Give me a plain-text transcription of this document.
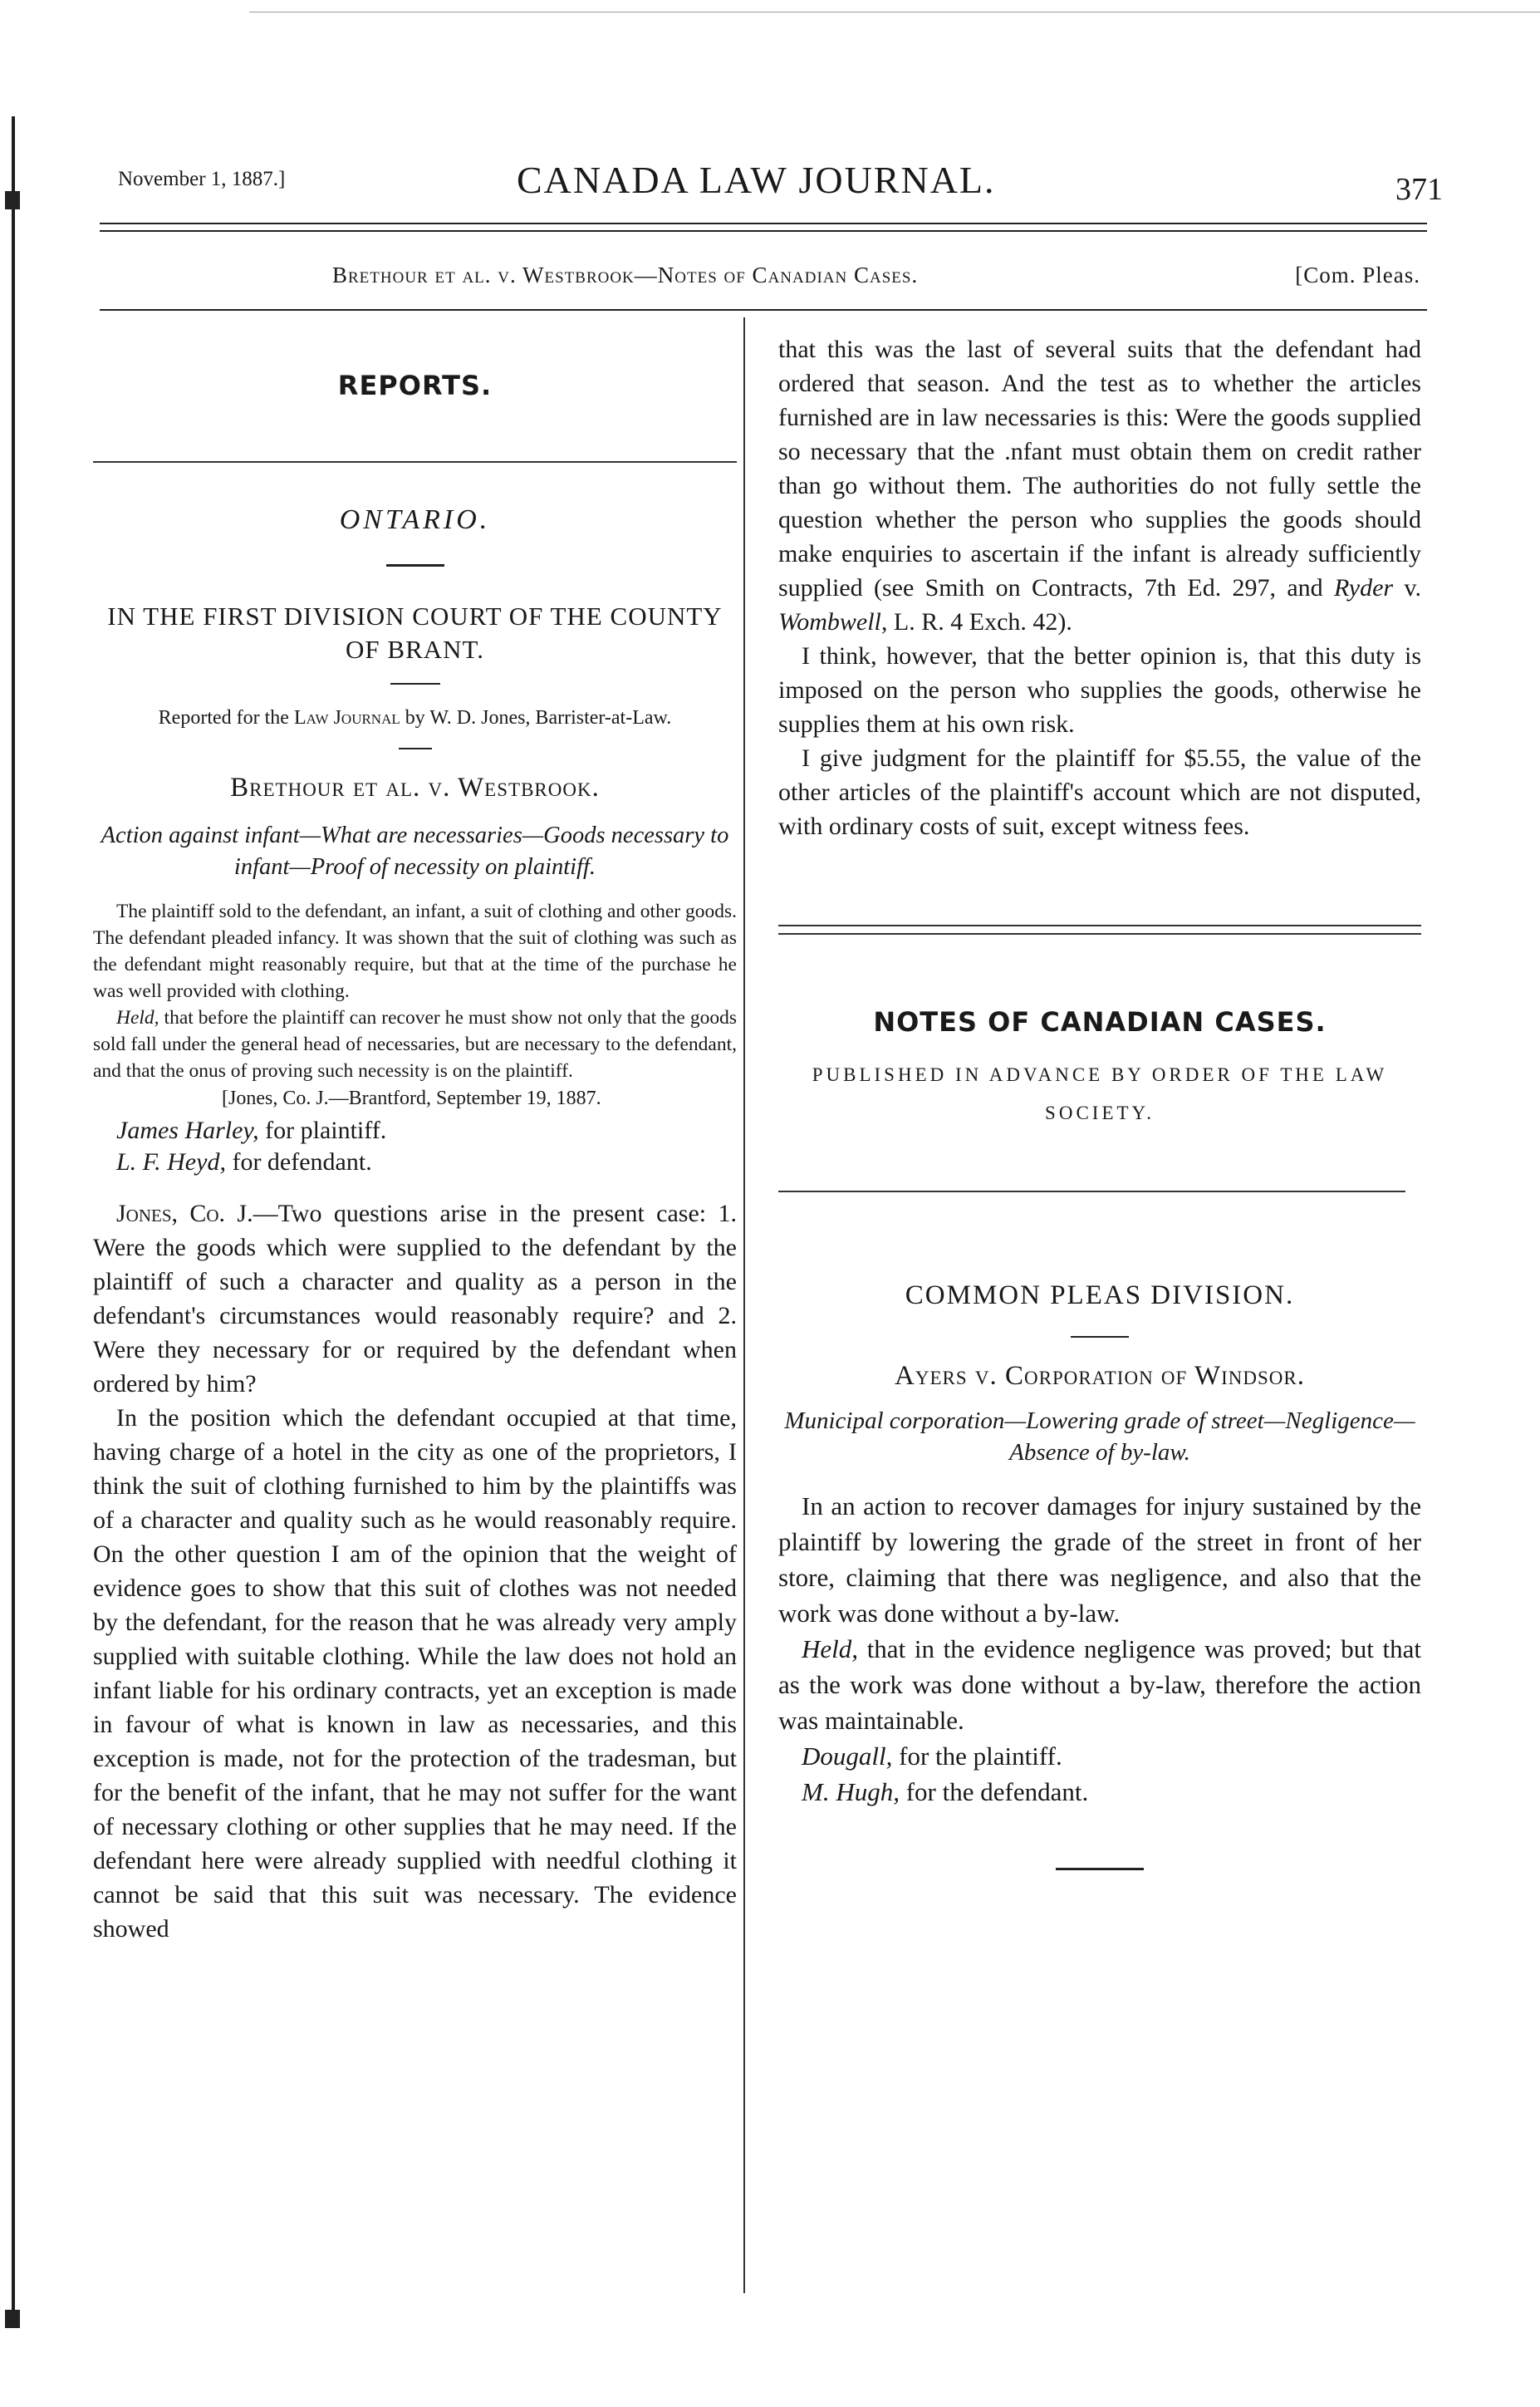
November 1, 1887.]	CANADA LAW JOURNAL.	371
Brethour et al. v. Westbrook—Notes of Canadian Cases.	[Com. Pleas.
REPORTS.
ONTARIO.
IN THE FIRST DIVISION COURT OF THE COUNTY OF BRANT.
Reported for the Law Journal by W. D. Jones, Barrister-at-Law.
Brethour et al. v. Westbrook.
Action against infant—What are necessaries—Goods necessary to infant—Proof of necessity on plaintiff.
The plaintiff sold to the defendant, an infant, a suit of clothing and other goods. The defendant pleaded infancy. It was shown that the suit of clothing was such as the defendant might reasonably require, but that at the time of the purchase he was well provided with clothing.
Held, that before the plaintiff can recover he must show not only that the goods sold fall under the general head of necessaries, but are necessary to the defendant, and that the onus of proving such necessity is on the plaintiff.
[Jones, Co. J.—Brantford, September 19, 1887.
James Harley, for plaintiff.
L. F. Heyd, for defendant.

Jones, Co. J.—Two questions arise in the present case: 1. Were the goods which were supplied to the defendant by the plaintiff of such a character and quality as a person in the defendant's circumstances would reasonably require? and 2. Were they necessary for or required by the defendant when ordered by him?

In the position which the defendant occupied at that time, having charge of a hotel in the city as one of the proprietors, I think the suit of clothing furnished to him by the plaintiffs was of a character and quality such as he would reasonably require. On the other question I am of the opinion that the weight of evidence goes to show that this suit of clothes was not needed by the defendant, for the reason that he was already very amply supplied with suitable clothing. While the law does not hold an infant liable for his ordinary contracts, yet an exception is made in favour of what is known in law as necessaries, and this exception is made, not for the protection of the tradesman, but for the benefit of the infant, that he may not suffer for the want of necessary clothing or other supplies that he may need. If the defendant here were already supplied with needful clothing it cannot be said that this suit was necessary. The evidence showed

that this was the last of several suits that the defendant had ordered that season. And the test as to whether the articles furnished are in law necessaries is this: Were the goods supplied so necessary that the .nfant must obtain them on credit rather than go without them. The authorities do not fully settle the question whether the person who supplies the goods should make enquiries to ascertain if the infant is already sufficiently supplied (see Smith on Contracts, 7th Ed. 297, and Ryder v. Wombwell, L. R. 4 Exch. 42).

I think, however, that the better opinion is, that this duty is imposed on the person who supplies the goods, otherwise he supplies them at his own risk.

I give judgment for the plaintiff for $5.55, the value of the other articles of the plaintiff's account which are not disputed, with ordinary costs of suit, except witness fees.

NOTES OF CANADIAN CASES.
PUBLISHED IN ADVANCE BY ORDER OF THE LAW SOCIETY.
COMMON PLEAS DIVISION.
Ayers v. Corporation of Windsor.
Municipal corporation—Lowering grade of street—Negligence—Absence of by-law.

In an action to recover damages for injury sustained by the plaintiff by lowering the grade of the street in front of her store, claiming that there was negligence, and also that the work was done without a by-law.

Held, that in the evidence negligence was proved; but that as the work was done without a by-law, therefore the action was maintainable.

Dougall, for the plaintiff.
M. Hugh, for the defendant.
